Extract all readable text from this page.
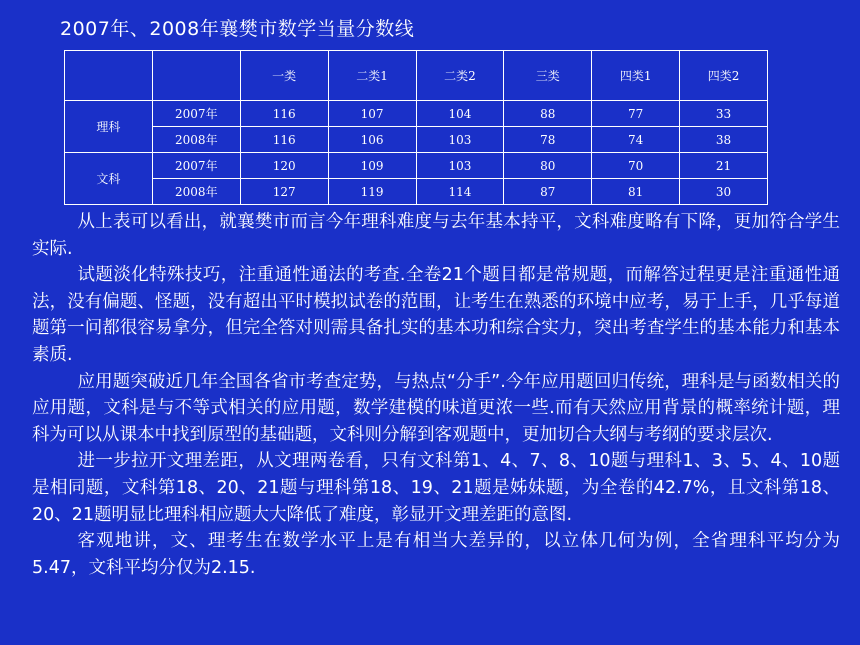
2007年、2008年襄樊市数学当量分数线
		一类	二类1	二类2	三类	四类1	四类2
理科	2007年	116	107	104	88	77	33
	2008年	116	106	103	78	74	38
文科	2007年	120	109	103	80	70	21
	2008年	127	119	114	87	81	30

从上表可以看出，就襄樊市而言今年理科难度与去年基本持平，文科难度略有下降，更加符合学生实际.

试题淡化特殊技巧，注重通性通法的考查.全卷21个题目都是常规题，而解答过程更是注重通性通法，没有偏题、怪题，没有超出平时模拟试卷的范围，让考生在熟悉的环境中应考，易于上手，几乎每道题第一问都很容易拿分，但完全答对则需具备扎实的基本功和综合实力，突出考查学生的基本能力和基本素质.

应用题突破近几年全国各省市考查定势，与热点“分手”.今年应用题回归传统，理科是与函数相关的应用题，文科是与不等式相关的应用题，数学建模的味道更浓一些.而有天然应用背景的概率统计题，理科为可以从课本中找到原型的基础题，文科则分解到客观题中，更加切合大纲与考纲的要求层次.

进一步拉开文理差距，从文理两卷看，只有文科第1、4、7、8、10题与理科1、3、5、4、10题是相同题，文科第18、20、21题与理科第18、19、21题是姊妹题，为全卷的42.7%，且文科第18、20、21题明显比理科相应题大大降低了难度，彰显开文理差距的意图.

客观地讲，文、理考生在数学水平上是有相当大差异的，以立体几何为例，全省理科平均分为5.47，文科平均分仅为2.15.
